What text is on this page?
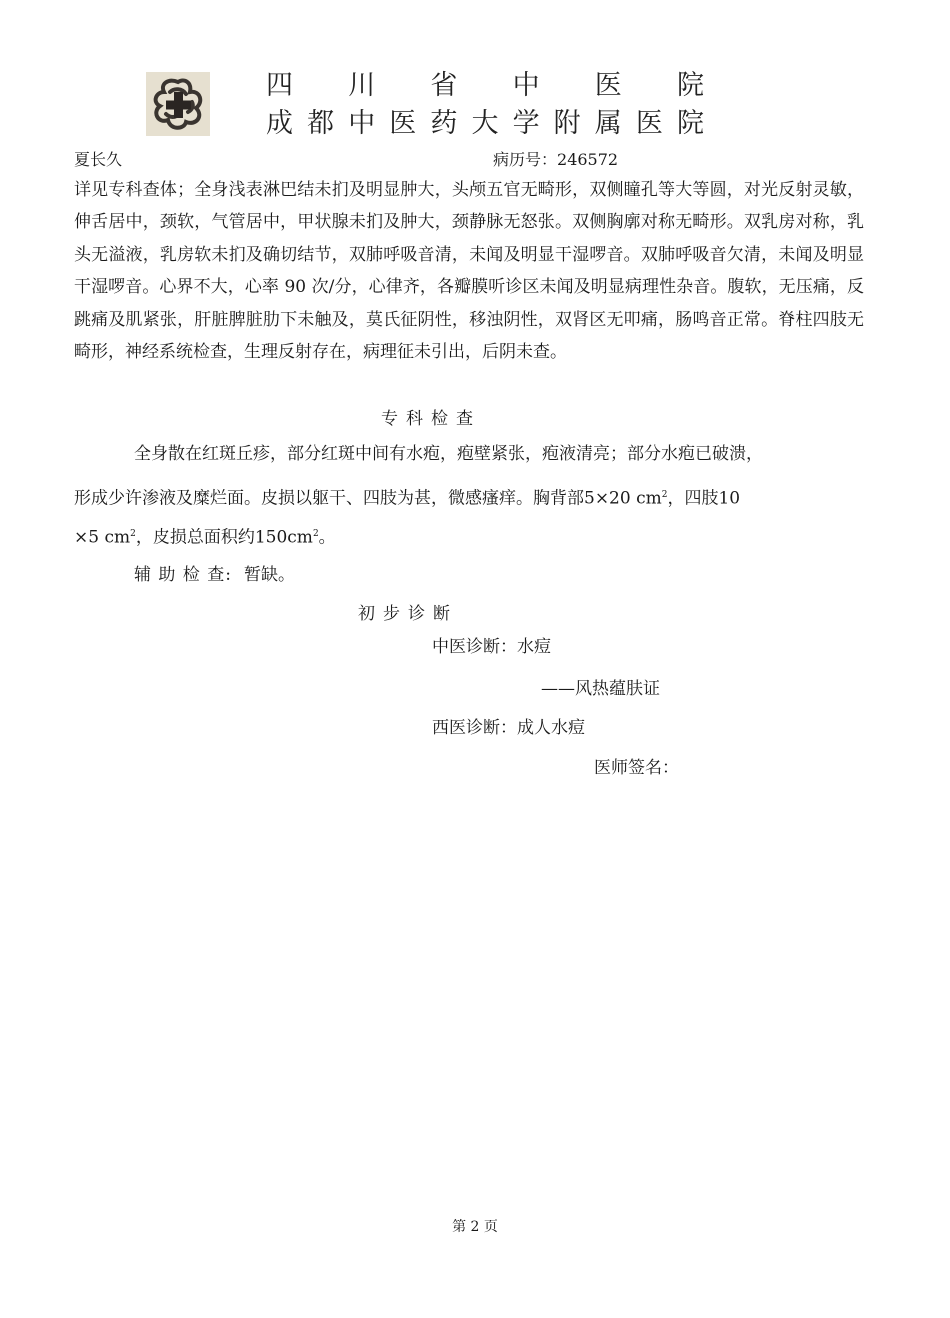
四 川 省 中 医 院
成 都 中 医 药 大 学 附 属 医 院
夏长久	病历号：246572
详见专科查体；全身浅表淋巴结未扪及明显肿大，头颅五官无畸形，双侧瞳孔等大等圆，对光反射灵敏，伸舌居中，颈软，气管居中，甲状腺未扪及肿大，颈静脉无怒张。双侧胸廓对称无畸形。双乳房对称，乳头无溢液，乳房软未扪及确切结节，双肺呼吸音清，未闻及明显干湿啰音。双肺呼吸音欠清，未闻及明显干湿啰音。心界不大，心率 90 次/分，心律齐，各瓣膜听诊区未闻及明显病理性杂音。腹软，无压痛，反跳痛及肌紧张，肝脏脾脏肋下未触及，莫氏征阴性，移浊阴性，双肾区无叩痛，肠鸣音正常。脊柱四肢无畸形，神经系统检查，生理反射存在，病理征未引出，后阴未查。
专科检查
全身散在红斑丘疹，部分红斑中间有水疱，疱壁紧张，疱液清亮；部分水疱已破溃，
形成少许渗液及糜烂面。皮损以躯干、四肢为甚，微感瘙痒。胸背部5×20 $cm^2$，四肢10
×5 $cm^2$，皮损总面积约$150cm^2$。
辅 助 检 查: 暂缺。
初步诊断
中医诊断：水痘
——风热蕴肤证
西医诊断：成人水痘
医师签名：
第 2 页
